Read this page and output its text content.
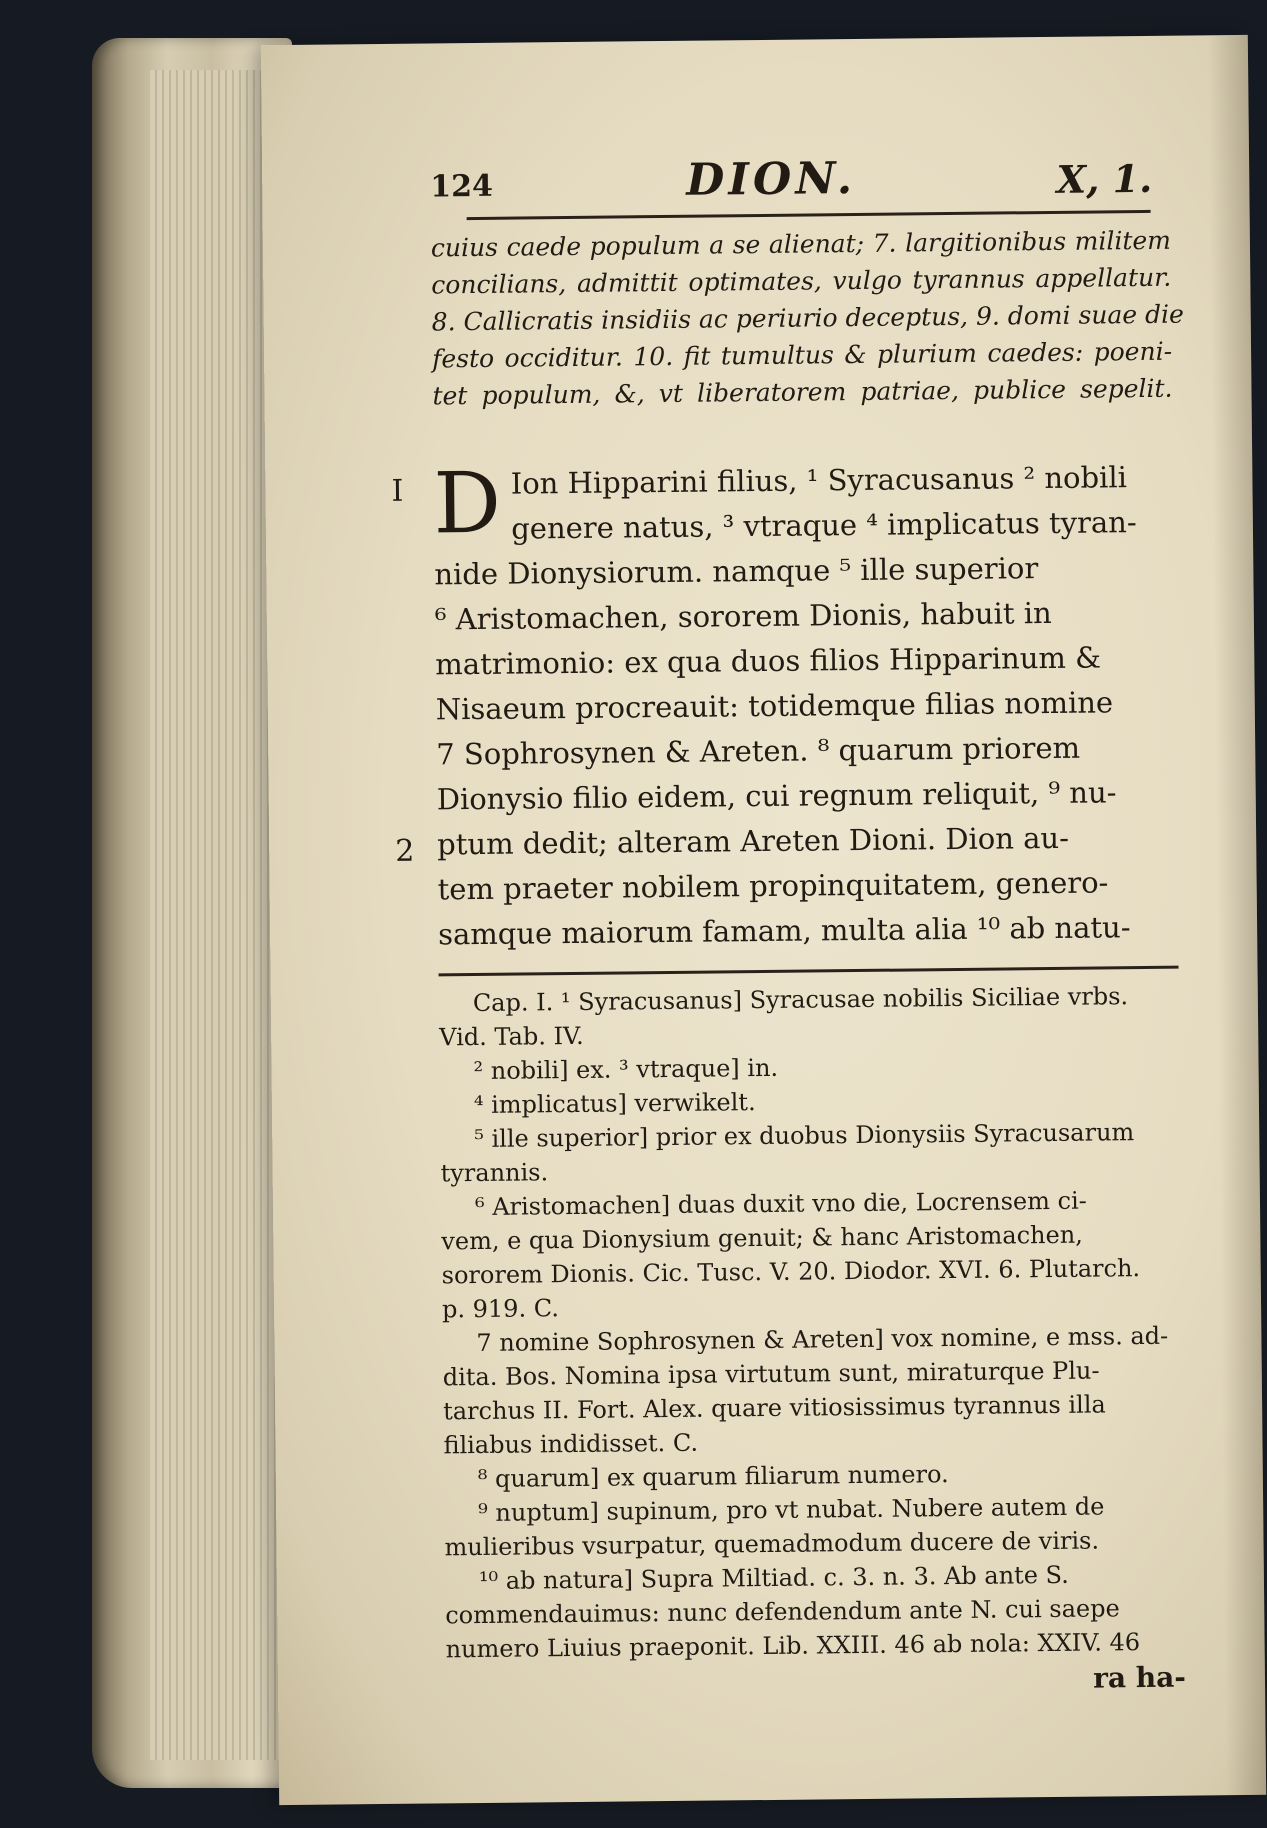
124	DION.	X, 1.
cuius caede populum a se alienat; 7. largitionibus militem
concilians, admittit optimates, vulgo tyrannus appellatur.
8. Callicratis insidiis ac periurio deceptus, 9. domi suae die
festo occiditur. 10. fit tumultus & plurium caedes: poeni-
tet populum, &, vt liberatorem patriae, publice sepelit.
I
2
D Ion Hipparini filius, ¹ Syracusanus ² nobili
genere natus, ³ vtraque ⁴ implicatus tyran-
nide Dionysiorum. namque ⁵ ille superior
⁶ Aristomachen, sororem Dionis, habuit in
matrimonio: ex qua duos filios Hipparinum &
Nisaeum procreauit: totidemque filias nomine
7 Sophrosynen & Areten. ⁸ quarum priorem
Dionysio filio eidem, cui regnum reliquit, ⁹ nu-
ptum dedit; alteram Areten Dioni. Dion au-
tem praeter nobilem propinquitatem, genero-
samque maiorum famam, multa alia ¹⁰ ab natu-
Cap. I. ¹ Syracusanus] Syracusae nobilis Siciliae vrbs.
Vid. Tab. IV.
² nobili] ex. ³ vtraque] in.
⁴ implicatus] verwikelt.
⁵ ille superior] prior ex duobus Dionysiis Syracusarum
tyrannis.
⁶ Aristomachen] duas duxit vno die, Locrensem ci-
vem, e qua Dionysium genuit; & hanc Aristomachen,
sororem Dionis. Cic. Tusc. V. 20. Diodor. XVI. 6. Plutarch.
p. 919. C.
7 nomine Sophrosynen & Areten] vox nomine, e mss. ad-
dita. Bos. Nomina ipsa virtutum sunt, miraturque Plu-
tarchus II. Fort. Alex. quare vitiosissimus tyrannus illa
filiabus indidisset. C.
⁸ quarum] ex quarum filiarum numero.
⁹ nuptum] supinum, pro vt nubat. Nubere autem de
mulieribus vsurpatur, quemadmodum ducere de viris.
¹⁰ ab natura] Supra Miltiad. c. 3. n. 3. Ab ante S.
commendauimus: nunc defendendum ante N. cui saepe
numero Liuius praeponit. Lib. XXIII. 46 ab nola: XXIV. 46
ra ha-
